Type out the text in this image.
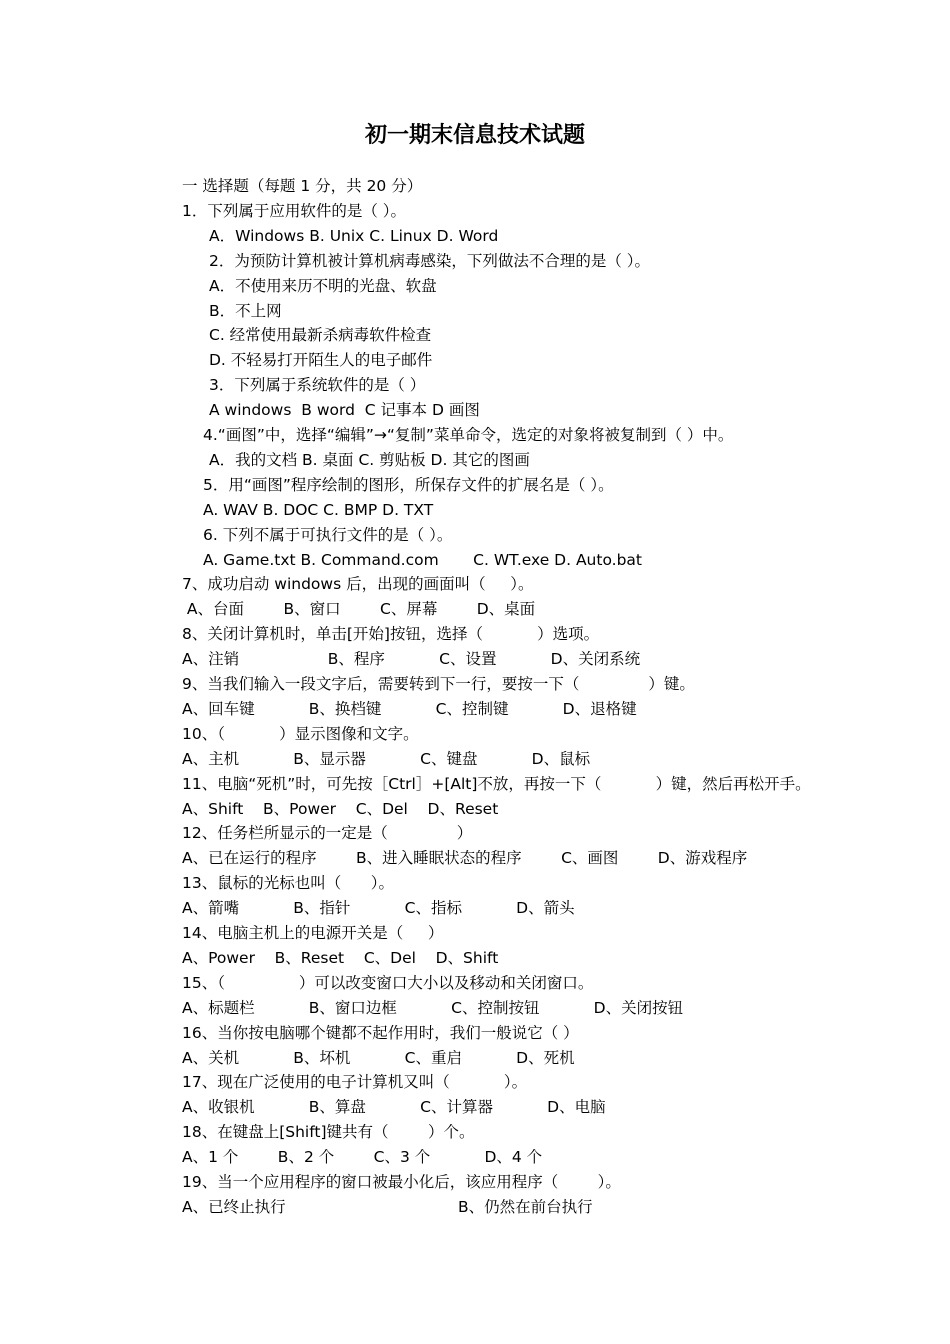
初一期末信息技术试题
一 选择题（每题 1 分，共 20 分）
1．下列属于应用软件的是（ ）。
A．Windows B. Unix C. Linux D. Word
2．为预防计算机被计算机病毒感染，下列做法不合理的是（ ）。
A．不使用来历不明的光盘、软盘
B．不上网
C. 经常使用最新杀病毒软件检查
D. 不轻易打开陌生人的电子邮件
3．下列属于系统软件的是（ ）
A windows  B word  C 记事本 D 画图
4.“画图”中，选择“编辑”→“复制”菜单命令，选定的对象将被复制到（ ）中。
A．我的文档 B. 桌面 C. 剪贴板 D. 其它的图画
5．用“画图”程序绘制的图形，所保存文件的扩展名是（ ）。
A. WAV B. DOC C. BMP D. TXT
6. 下列不属于可执行文件的是（ ）。
A. Game.txt B. Command.com       C. WT.exe D. Auto.bat
7、成功启动 windows 后，出现的画面叫（     ）。
A、台面        B、窗口        C、屏幕        D、桌面
8、关闭计算机时，单击[开始]按钮，选择（           ）选项。
A、注销                  B、程序           C、设置           D、关闭系统
9、当我们输入一段文字后，需要转到下一行，要按一下（              ）键。
A、回车键           B、换档键           C、控制键           D、退格键
10、（           ）显示图像和文字。
A、主机           B、显示器           C、键盘           D、鼠标
11、电脑“死机”时，可先按［Ctrl］+[Alt]不放，再按一下（           ）键，然后再松开手。
A、Shift    B、Power    C、Del    D、Reset
12、任务栏所显示的一定是（              ）
A、已在运行的程序        B、进入睡眠状态的程序        C、画图        D、游戏程序
13、鼠标的光标也叫（      ）。
A、箭嘴           B、指针           C、指标           D、箭头
14、电脑主机上的电源开关是（     ）
A、Power    B、Reset    C、Del    D、Shift
15、（               ）可以改变窗口大小以及移动和关闭窗口。
A、标题栏           B、窗口边框           C、控制按钮           D、关闭按钮
16、当你按电脑哪个键都不起作用时，我们一般说它（ ）
A、关机           B、坏机           C、重启           D、死机
17、现在广泛使用的电子计算机又叫（           ）。
A、收银机           B、算盘           C、计算器           D、电脑
18、在键盘上[Shift]键共有（        ）个。
A、1 个        B、2 个        C、3 个           D、4 个
19、当一个应用程序的窗口被最小化后，该应用程序（        ）。
A、已终止执行                                   B、仍然在前台执行
